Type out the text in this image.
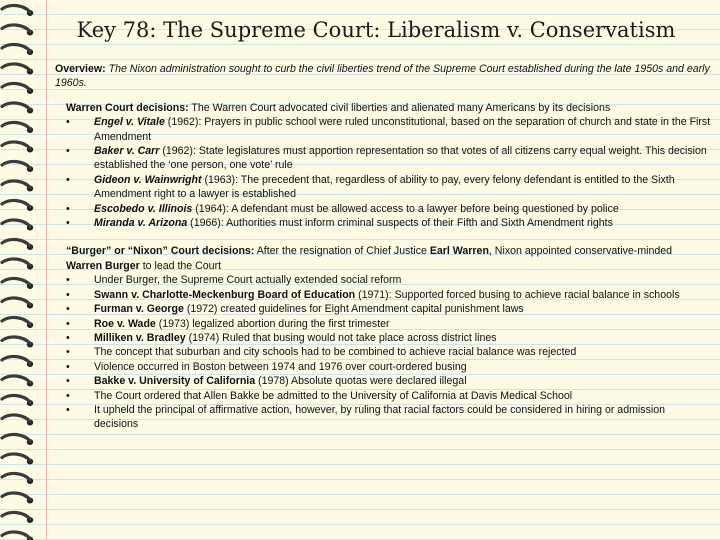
Key 78: The Supreme Court: Liberalism v. Conservatism

Overview: The Nixon administration sought to curb the civil liberties trend of the Supreme Court established during the late 1950s and early 1960s.

Warren Court decisions: The Warren Court advocated civil liberties and alienated many Americans by its decisions

•	Engel v. Vitale (1962): Prayers in public school were ruled unconstitutional, based on the separation of church and state in the First Amendment
•	Baker v. Carr (1962): State legislatures must apportion representation so that votes of all citizens carry equal weight. This decision established the ‘one person, one vote’ rule
•	Gideon v. Wainwright (1963): The precedent that, regardless of ability to pay, every felony defendant is entitled to the Sixth Amendment right to a lawyer is established
•	Escobedo v. Illinois (1964): A defendant must be allowed access to a lawyer before being questioned by police
•	Miranda v. Arizona (1966): Authorities must inform criminal suspects of their Fifth and Sixth Amendment rights

“Burger” or “Nixon” Court decisions: After the resignation of Chief Justice Earl Warren, Nixon appointed conservative-minded Warren Burger to lead the Court

•	Under Burger, the Supreme Court actually extended social reform
•	Swann v. Charlotte-Meckenburg Board of Education (1971): Supported forced busing to achieve racial balance in schools
•	Furman v. George (1972) created guidelines for Eight Amendment capital punishment laws
•	Roe v. Wade (1973) legalized abortion during the first trimester
•	Milliken v. Bradley (1974) Ruled that busing would not take place across district lines
•	The concept that suburban and city schools had to be combined to achieve racial balance was rejected
•	Violence occurred in Boston between 1974 and 1976 over court-ordered busing
•	Bakke v. University of California (1978) Absolute quotas were declared illegal
•	The Court ordered that Allen Bakke be admitted to the University of California at Davis Medical School
•	It upheld the principal of affirmative action, however, by ruling that racial factors could be considered in hiring or admission decisions
